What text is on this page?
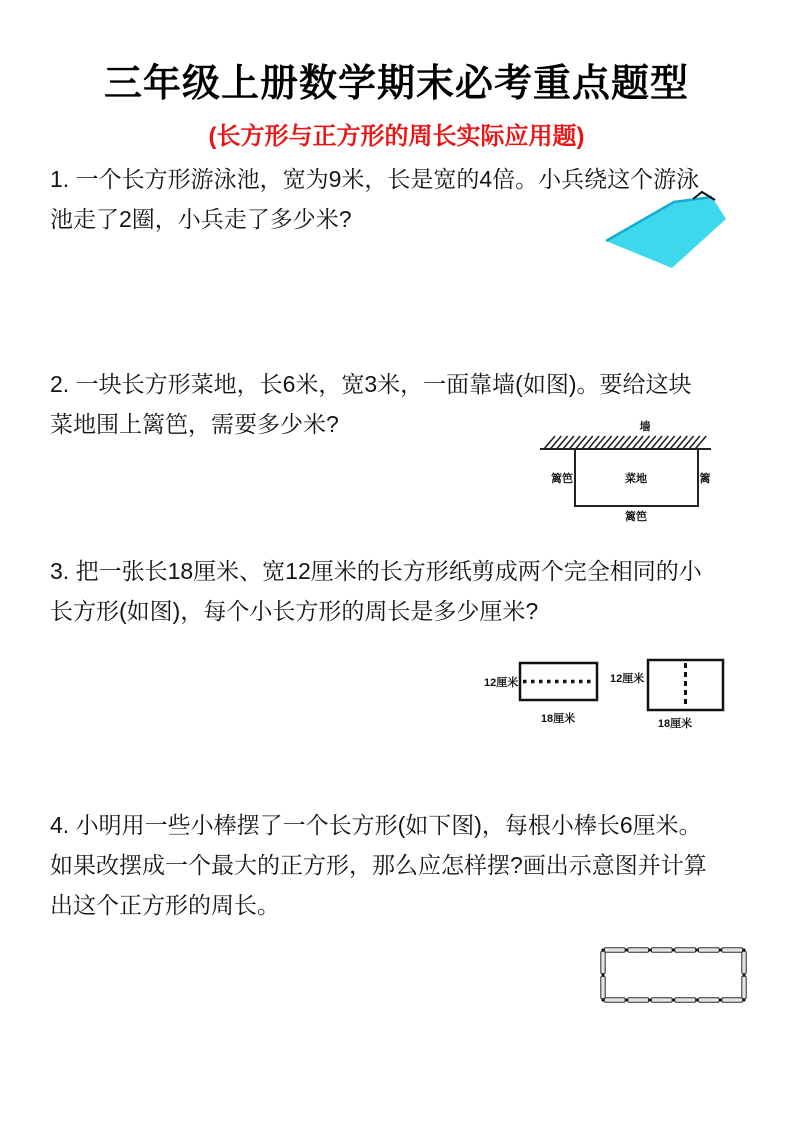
三年级上册数学期末必考重点题型
(长方形与正方形的周长实际应用题)
1. 一个长方形游泳池，宽为9米，长是宽的4倍。小兵绕这个游泳
池走了2圈，小兵走了多少米?
2. 一块长方形菜地，长6米，宽3米，一面靠墙(如图)。要给这块
菜地围上篱笆，需要多少米?	墙
篱笆	菜地	篱
篱笆
3. 把一张长18厘米、宽12厘米的长方形纸剪成两个完全相同的小
长方形(如图)，每个小长方形的周长是多少厘米?
12厘米
18厘米
12厘米
18厘米
4. 小明用一些小棒摆了一个长方形(如下图)，每根小棒长6厘米。
如果改摆成一个最大的正方形，那么应怎样摆?画出示意图并计算
出这个正方形的周长。
